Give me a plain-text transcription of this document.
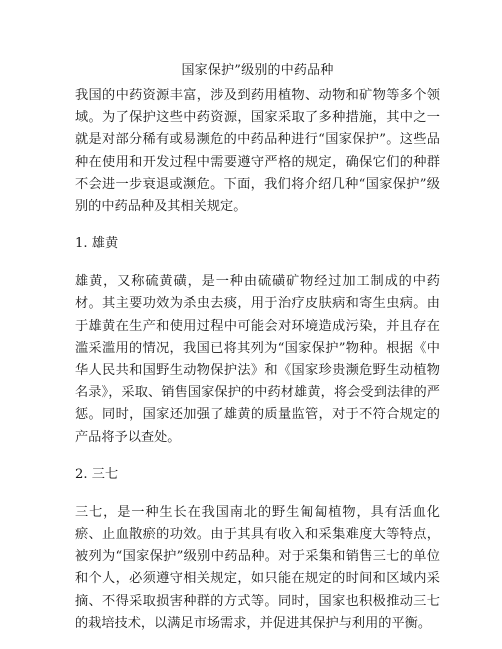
国家保护”级别的中药品种

我国的中药资源丰富，涉及到药用植物、动物和矿物等多个领域。为了保护这些中药资源，国家采取了多种措施，其中之一就是对部分稀有或易濒危的中药品种进行“国家保护”。这些品种在使用和开发过程中需要遵守严格的规定，确保它们的种群不会进一步衰退或濒危。下面，我们将介绍几种“国家保护”级别的中药品种及其相关规定。

1. 雄黄

雄黄，又称硫黄磺，是一种由硫磺矿物经过加工制成的中药材。其主要功效为杀虫去痰，用于治疗皮肤病和寄生虫病。由于雄黄在生产和使用过程中可能会对环境造成污染，并且存在滥采滥用的情况，我国已将其列为“国家保护”物种。根据《中华人民共和国野生动物保护法》和《国家珍贵濒危野生动植物名录》，采取、销售国家保护的中药材雄黄，将会受到法律的严惩。同时，国家还加强了雄黄的质量监管，对于不符合规定的产品将予以查处。

2. 三七

三七，是一种生长在我国南北的野生匍匐植物，具有活血化瘀、止血散瘀的功效。由于其具有收入和采集难度大等特点，被列为“国家保护”级别中药品种。对于采集和销售三七的单位和个人，必须遵守相关规定，如只能在规定的时间和区域内采摘、不得采取损害种群的方式等。同时，国家也积极推动三七的栽培技术，以满足市场需求，并促进其保护与利用的平衡。
